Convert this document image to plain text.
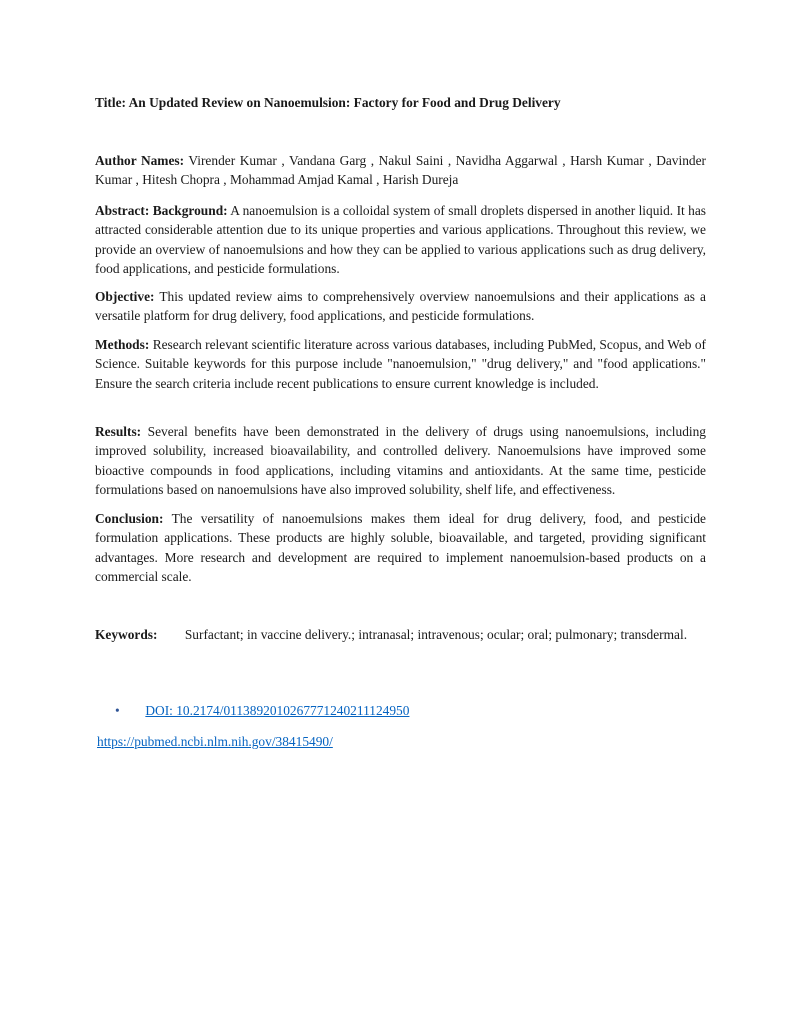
Title: An Updated Review on Nanoemulsion: Factory for Food and Drug Delivery
Author Names: Virender Kumar , Vandana Garg , Nakul Saini , Navidha Aggarwal , Harsh Kumar , Davinder Kumar , Hitesh Chopra , Mohammad Amjad Kamal , Harish Dureja
Abstract: Background: A nanoemulsion is a colloidal system of small droplets dispersed in another liquid. It has attracted considerable attention due to its unique properties and various applications. Throughout this review, we provide an overview of nanoemulsions and how they can be applied to various applications such as drug delivery, food applications, and pesticide formulations.
Objective: This updated review aims to comprehensively overview nanoemulsions and their applications as a versatile platform for drug delivery, food applications, and pesticide formulations.
Methods: Research relevant scientific literature across various databases, including PubMed, Scopus, and Web of Science. Suitable keywords for this purpose include "nanoemulsion," "drug delivery," and "food applications." Ensure the search criteria include recent publications to ensure current knowledge is included.
Results: Several benefits have been demonstrated in the delivery of drugs using nanoemulsions, including improved solubility, increased bioavailability, and controlled delivery. Nanoemulsions have improved some bioactive compounds in food applications, including vitamins and antioxidants. At the same time, pesticide formulations based on nanoemulsions have also improved solubility, shelf life, and effectiveness.
Conclusion: The versatility of nanoemulsions makes them ideal for drug delivery, food, and pesticide formulation applications. These products are highly soluble, bioavailable, and targeted, providing significant advantages. More research and development are required to implement nanoemulsion-based products on a commercial scale.
Keywords: Surfactant; in vaccine delivery.; intranasal; intravenous; ocular; oral; pulmonary; transdermal.
• DOI: 10.2174/0113892010267771240211124950
https://pubmed.ncbi.nlm.nih.gov/38415490/
